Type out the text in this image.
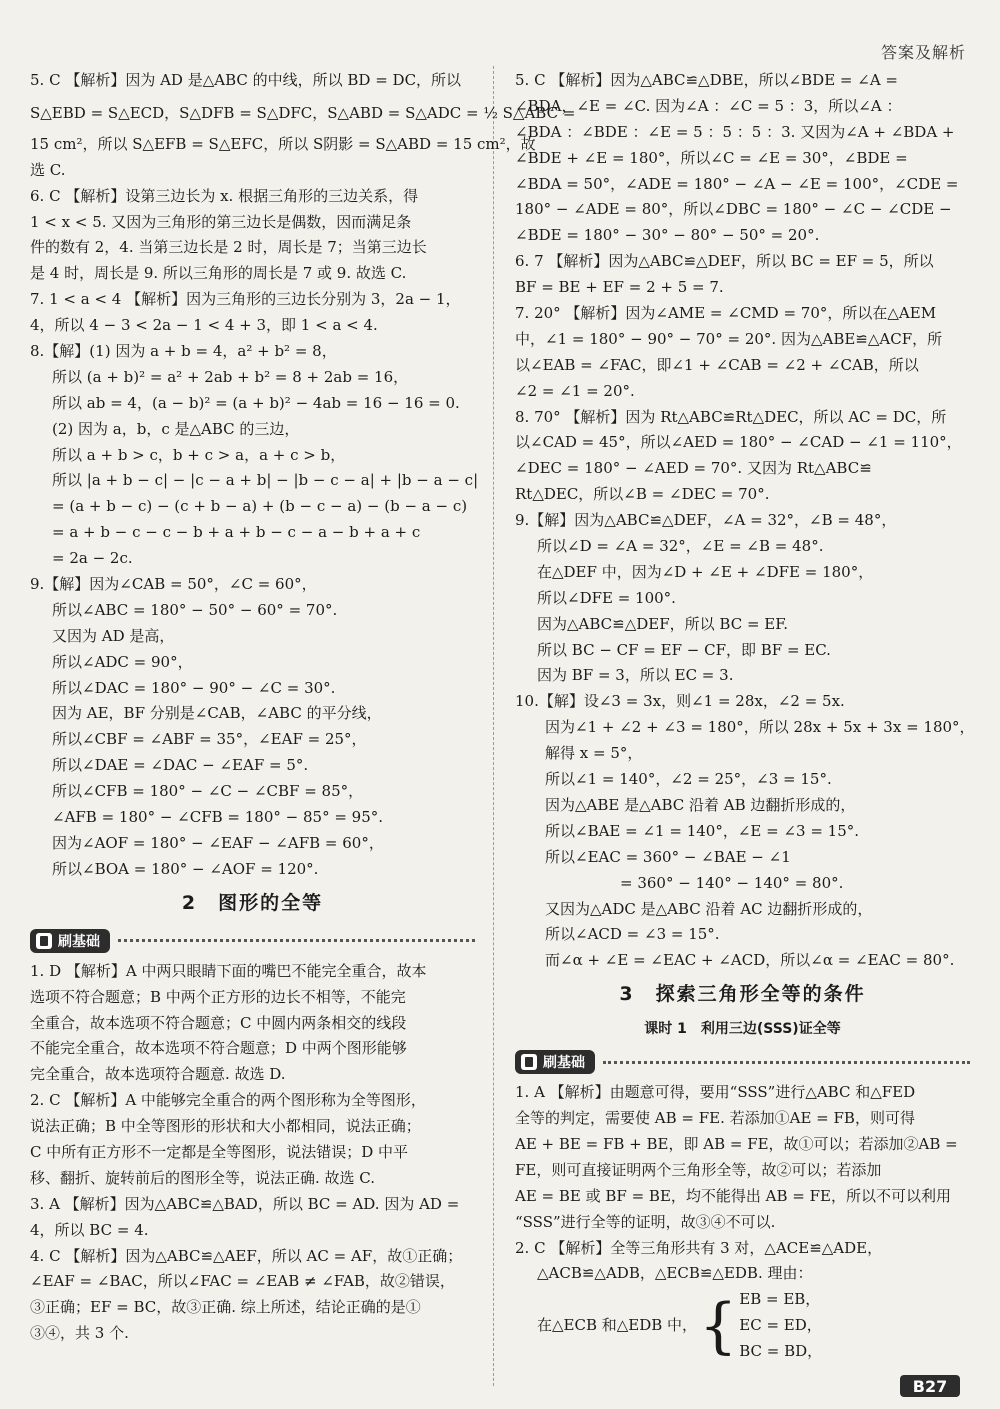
答案及解析
5. C 【解析】因为 AD 是△ABC 的中线，所以 BD = DC，所以
S△EBD = S△ECD，S△DFB = S△DFC，S△ABD = S△ADC = ½ S△ABC =
15 cm²，所以 S△EFB = S△EFC，所以 S阴影 = S△ABD = 15 cm²，故
选 C.
6. C 【解析】设第三边长为 x. 根据三角形的三边关系，得
1 < x < 5. 又因为三角形的第三边长是偶数，因而满足条
件的数有 2，4. 当第三边长是 2 时，周长是 7；当第三边长
是 4 时，周长是 9. 所以三角形的周长是 7 或 9. 故选 C.
7. 1 < a < 4 【解析】因为三角形的三边长分别为 3，2a − 1，
4，所以 4 − 3 < 2a − 1 < 4 + 3，即 1 < a < 4.
8.【解】(1) 因为 a + b = 4，a² + b² = 8，
所以 (a + b)² = a² + 2ab + b² = 8 + 2ab = 16，
所以 ab = 4，(a − b)² = (a + b)² − 4ab = 16 − 16 = 0.
(2) 因为 a，b，c 是△ABC 的三边，
所以 a + b > c，b + c > a，a + c > b，
所以 |a + b − c| − |c − a + b| − |b − c − a| + |b − a − c|
= (a + b − c) − (c + b − a) + (b − c − a) − (b − a − c)
= a + b − c − c − b + a + b − c − a − b + a + c
= 2a − 2c.
9.【解】因为∠CAB = 50°，∠C = 60°，
所以∠ABC = 180° − 50° − 60° = 70°.
又因为 AD 是高，
所以∠ADC = 90°，
所以∠DAC = 180° − 90° − ∠C = 30°.
因为 AE，BF 分别是∠CAB，∠ABC 的平分线，
所以∠CBF = ∠ABF = 35°，∠EAF = 25°，
所以∠DAE = ∠DAC − ∠EAF = 5°.
所以∠CFB = 180° − ∠C − ∠CBF = 85°，
∠AFB = 180° − ∠CFB = 180° − 85° = 95°.
因为∠AOF = 180° − ∠EAF − ∠AFB = 60°，
所以∠BOA = 180° − ∠AOF = 120°.
2　图形的全等
刷基础
1. D 【解析】A 中两只眼睛下面的嘴巴不能完全重合，故本
选项不符合题意；B 中两个正方形的边长不相等，不能完
全重合，故本选项不符合题意；C 中圆内两条相交的线段
不能完全重合，故本选项不符合题意；D 中两个图形能够
完全重合，故本选项符合题意. 故选 D.
2. C 【解析】A 中能够完全重合的两个图形称为全等图形，
说法正确；B 中全等图形的形状和大小都相同，说法正确；
C 中所有正方形不一定都是全等图形，说法错误；D 中平
移、翻折、旋转前后的图形全等，说法正确. 故选 C.
3. A 【解析】因为△ABC≌△BAD，所以 BC = AD. 因为 AD =
4，所以 BC = 4.
4. C 【解析】因为△ABC≌△AEF，所以 AC = AF，故①正确；
∠EAF = ∠BAC，所以∠FAC = ∠EAB ≠ ∠FAB，故②错误，
③正确；EF = BC，故③正确. 综上所述，结论正确的是①
③④，共 3 个.
5. C 【解析】因为△ABC≌△DBE，所以∠BDE = ∠A =
∠BDA，∠E = ∠C. 因为∠A ：∠C = 5 ：3，所以∠A ：
∠BDA ：∠BDE ：∠E = 5 ：5 ：5 ：3. 又因为∠A + ∠BDA +
∠BDE + ∠E = 180°，所以∠C = ∠E = 30°，∠BDE =
∠BDA = 50°，∠ADE = 180° − ∠A − ∠E = 100°，∠CDE =
180° − ∠ADE = 80°，所以∠DBC = 180° − ∠C − ∠CDE −
∠BDE = 180° − 30° − 80° − 50° = 20°.
6. 7 【解析】因为△ABC≌△DEF，所以 BC = EF = 5，所以
BF = BE + EF = 2 + 5 = 7.
7. 20° 【解析】因为∠AME = ∠CMD = 70°，所以在△AEM
中，∠1 = 180° − 90° − 70° = 20°. 因为△ABE≌△ACF，所
以∠EAB = ∠FAC，即∠1 + ∠CAB = ∠2 + ∠CAB，所以
∠2 = ∠1 = 20°.
8. 70° 【解析】因为 Rt△ABC≌Rt△DEC，所以 AC = DC，所
以∠CAD = 45°，所以∠AED = 180° − ∠CAD − ∠1 = 110°，
∠DEC = 180° − ∠AED = 70°. 又因为 Rt△ABC≌
Rt△DEC，所以∠B = ∠DEC = 70°.
9.【解】因为△ABC≌△DEF，∠A = 32°，∠B = 48°，
所以∠D = ∠A = 32°，∠E = ∠B = 48°.
在△DEF 中，因为∠D + ∠E + ∠DFE = 180°，
所以∠DFE = 100°.
因为△ABC≌△DEF，所以 BC = EF.
所以 BC − CF = EF − CF，即 BF = EC.
因为 BF = 3，所以 EC = 3.
10.【解】设∠3 = 3x，则∠1 = 28x，∠2 = 5x.
因为∠1 + ∠2 + ∠3 = 180°，所以 28x + 5x + 3x = 180°，
解得 x = 5°，
所以∠1 = 140°，∠2 = 25°，∠3 = 15°.
因为△ABE 是△ABC 沿着 AB 边翻折形成的，
所以∠BAE = ∠1 = 140°，∠E = ∠3 = 15°.
所以∠EAC = 360° − ∠BAE − ∠1
　　　　　= 360° − 140° − 140° = 80°.
又因为△ADC 是△ABC 沿着 AC 边翻折形成的，
所以∠ACD = ∠3 = 15°.
而∠α + ∠E = ∠EAC + ∠ACD，所以∠α = ∠EAC = 80°.
3　探索三角形全等的条件
课时 1　利用三边(SSS)证全等
刷基础
1. A 【解析】由题意可得，要用“SSS”进行△ABC 和△FED
全等的判定，需要使 AB = FE. 若添加①AE = FB，则可得
AE + BE = FB + BE，即 AB = FE，故①可以；若添加②AB =
FE，则可直接证明两个三角形全等，故②可以；若添加
AE = BE 或 BF = BE，均不能得出 AB = FE，所以不可以利用
“SSS”进行全等的证明，故③④不可以.
2. C 【解析】全等三角形共有 3 对，△ACE≌△ADE，
△ACB≌△ADB，△ECB≌△EDB. 理由：
在△ECB 和△EDB 中， { EB = EB，
EC = ED，
BC = BD，
B27
